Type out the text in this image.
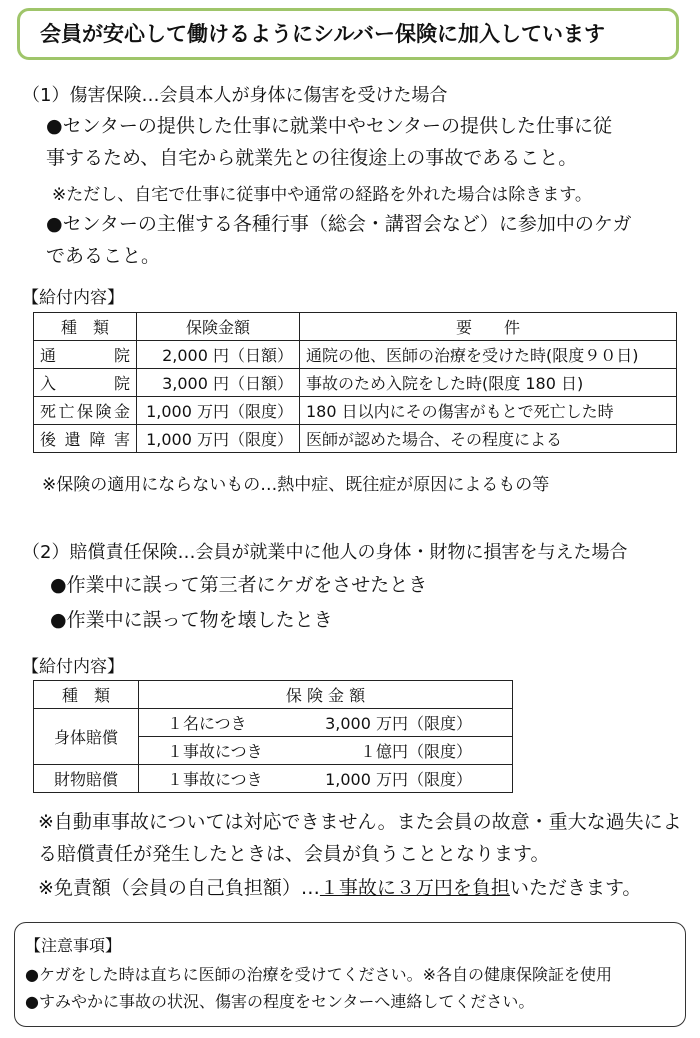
会員が安心して働けるようにシルバー保険に加入しています
（1）傷害保険…会員本人が身体に傷害を受けた場合
●センターの提供した仕事に就業中やセンターの提供した仕事に従
事するため、自宅から就業先との往復途上の事故であること。
※ただし、自宅で仕事に従事中や通常の経路を外れた場合は除きます。
●センターの主催する各種行事（総会・講習会など）に参加中のケガ
であること。
【給付内容】
種　類	保険金額	要　　件
通院	2,000 円（日額）	通院の他、医師の治療を受けた時(限度９０日)
入院	3,000 円（日額）	事故のため入院をした時(限度 180 日)
死亡保険金	1,000 万円（限度）	180 日以内にその傷害がもとで死亡した時
後遺障害	1,000 万円（限度）	医師が認めた場合、その程度による
※保険の適用にならないもの…熱中症、既往症が原因によるもの等
（2）賠償責任保険…会員が就業中に他人の身体・財物に損害を与えた場合
●作業中に誤って第三者にケガをさせたとき
●作業中に誤って物を壊したとき
【給付内容】
種　類	保 険 金 額	
身体賠償	１名につき	3,000 万円（限度）
	１事故につき	１億円（限度）
財物賠償	１事故につき	1,000 万円（限度）
※自動車事故については対応できません。また会員の故意・重大な過失によ
る賠償責任が発生したときは、会員が負うこととなります。
※免責額（会員の自己負担額）…１事故に３万円を負担いただきます。
【注意事項】
●ケガをした時は直ちに医師の治療を受けてください。※各自の健康保険証を使用
●すみやかに事故の状況、傷害の程度をセンターへ連絡してください。
